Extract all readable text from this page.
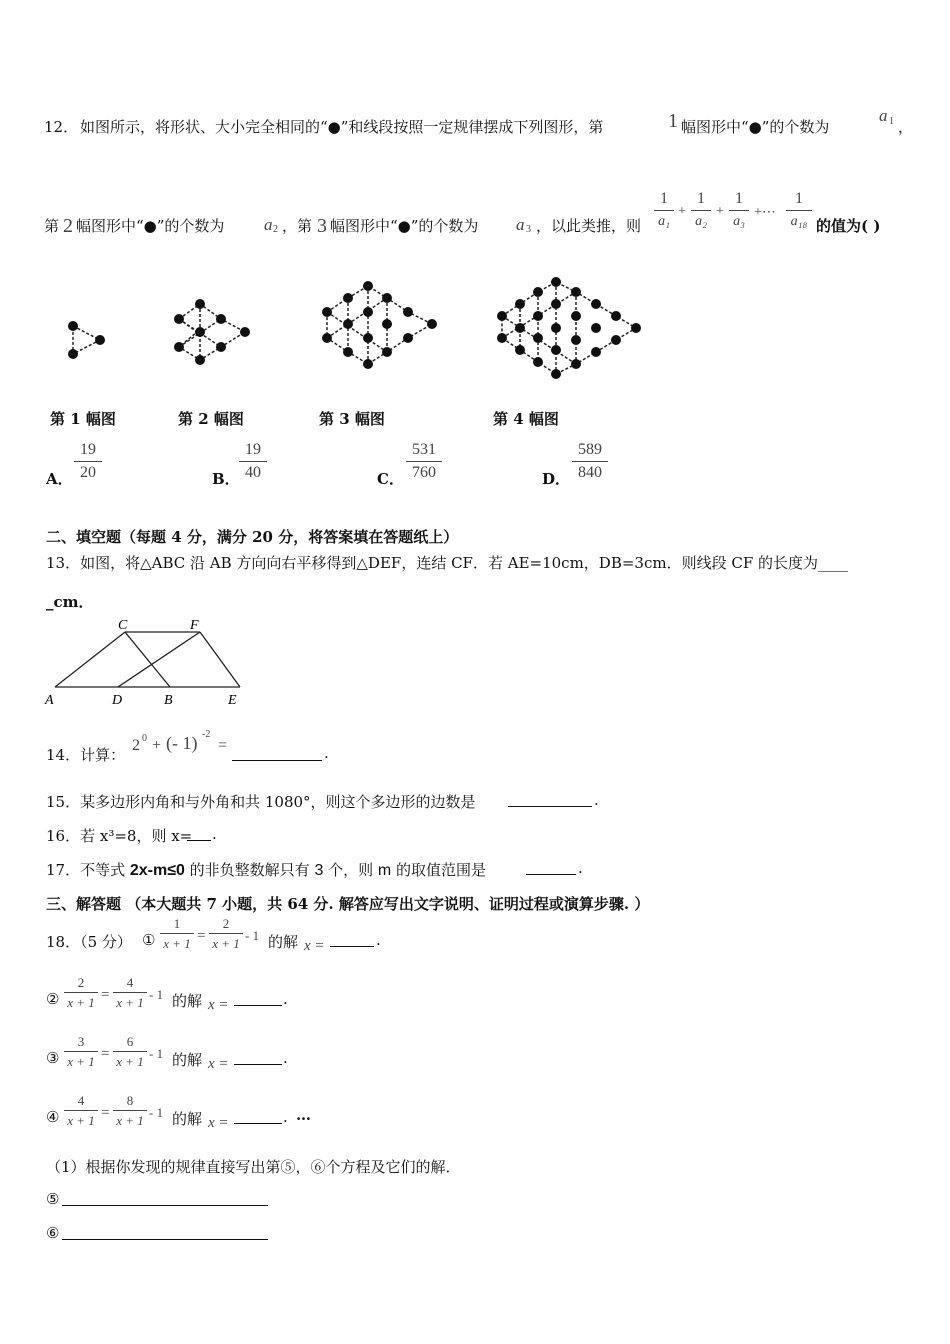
12． 如图所示，将形状、大小完全相同的“●”和线段按照一定规律摆成下列图形，第	1 幅图形中“●”的个数为
a 1 ，
第 2 幅图形中“●”的个数为 a 2 ，第 3 幅图形中“●”的个数为 a 3 ，以此类推，则
1
a₁
+
1
a₂
+
1
a₃
+⋯
1
a₁₈ 的值为( )
第 1 幅图	第 2 幅图	第 3 幅图	第 4 幅图
A．
19
20	B．
19
40	C．
531
760	D．
589
840
二、填空题（每题 4 分，满分 20 分，将答案填在答题纸上）
13．如图，将△ABC 沿 AB 方向向右平移得到△DEF，连结 CF．若 AE=10cm，DB=3cm．则线段 CF 的长度为____
_cm．
C	F
A	D	B	E
14．计算：
2 0 + (- 1) -2
=	.
15．某多边形内角和与外角和共 1080°，则这个多边形的边数是	.
16．若 x³=8，则 x= .
17．不等式 2x-m≤0 的非负整数解只有 3 个，则 m 的取值范围是	.
三、解答题 （本大题共 7 小题，共 64 分. 解答应写出文字说明、证明过程或演算步骤. ）
18．（5 分） ①
1
x + 1 =
2
x + 1
- 1 的解 x =	.
②
2
x + 1 =
4
x + 1
- 1 的解 x =	.
③
3
x + 1 =
6
x + 1
- 1 的解 x =	.
④
4
x + 1 =
8
x + 1
- 1 的解 x =	. …
（1）根据你发现的规律直接写出第⑤，⑥个方程及它们的解．
⑤
⑥
